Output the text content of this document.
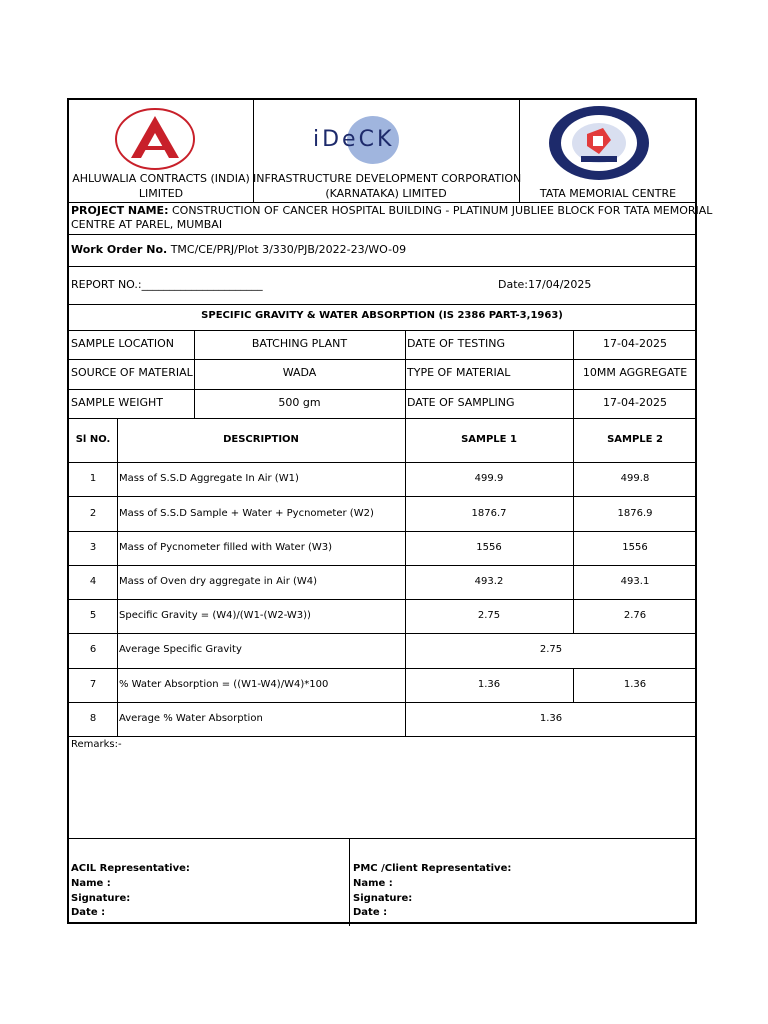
AHLUWALIA CONTRACTS (INDIA)
LIMITED
iDeCK
INFRASTRUCTURE DEVELOPMENT CORPORATION
(KARNATAKA) LIMITED	TATA MEMORIAL CENTRE
PROJECT NAME: CONSTRUCTION OF CANCER HOSPITAL BUILDING - PLATINUM JUBLIEE BLOCK FOR TATA MEMORIAL
CENTRE AT PAREL, MUMBAI
Work Order No. TMC/CE/PRJ/Plot 3/330/PJB/2022-23/WO-09
REPORT NO.:______________________	Date:17/04/2025
SPECIFIC GRAVITY & WATER ABSORPTION (IS 2386 PART-3,1963)
SAMPLE LOCATION	BATCHING PLANT	DATE OF TESTING	17-04-2025
SOURCE OF MATERIAL	WADA	TYPE OF MATERIAL	10MM AGGREGATE
SAMPLE WEIGHT	500 gm	DATE OF SAMPLING	17-04-2025
Sl NO.	DESCRIPTION	SAMPLE 1	SAMPLE 2
1	Mass of S.S.D Aggregate In Air (W1)	499.9	499.8
2	Mass of S.S.D Sample + Water + Pycnometer (W2)	1876.7	1876.9
3	Mass of Pycnometer filled with Water (W3)	1556	1556
4	Mass of Oven dry aggregate in Air (W4)	493.2	493.1
5	Specific Gravity = (W4)/(W1-(W2-W3))	2.75	2.76
6	Average Specific Gravity	2.75
7	% Water Absorption = ((W1-W4)/W4)*100	1.36	1.36
8	Average % Water Absorption	1.36
Remarks:-
ACIL Representative:
Name :
Signature:
Date :
PMC /Client Representative:
Name :
Signature:
Date :
